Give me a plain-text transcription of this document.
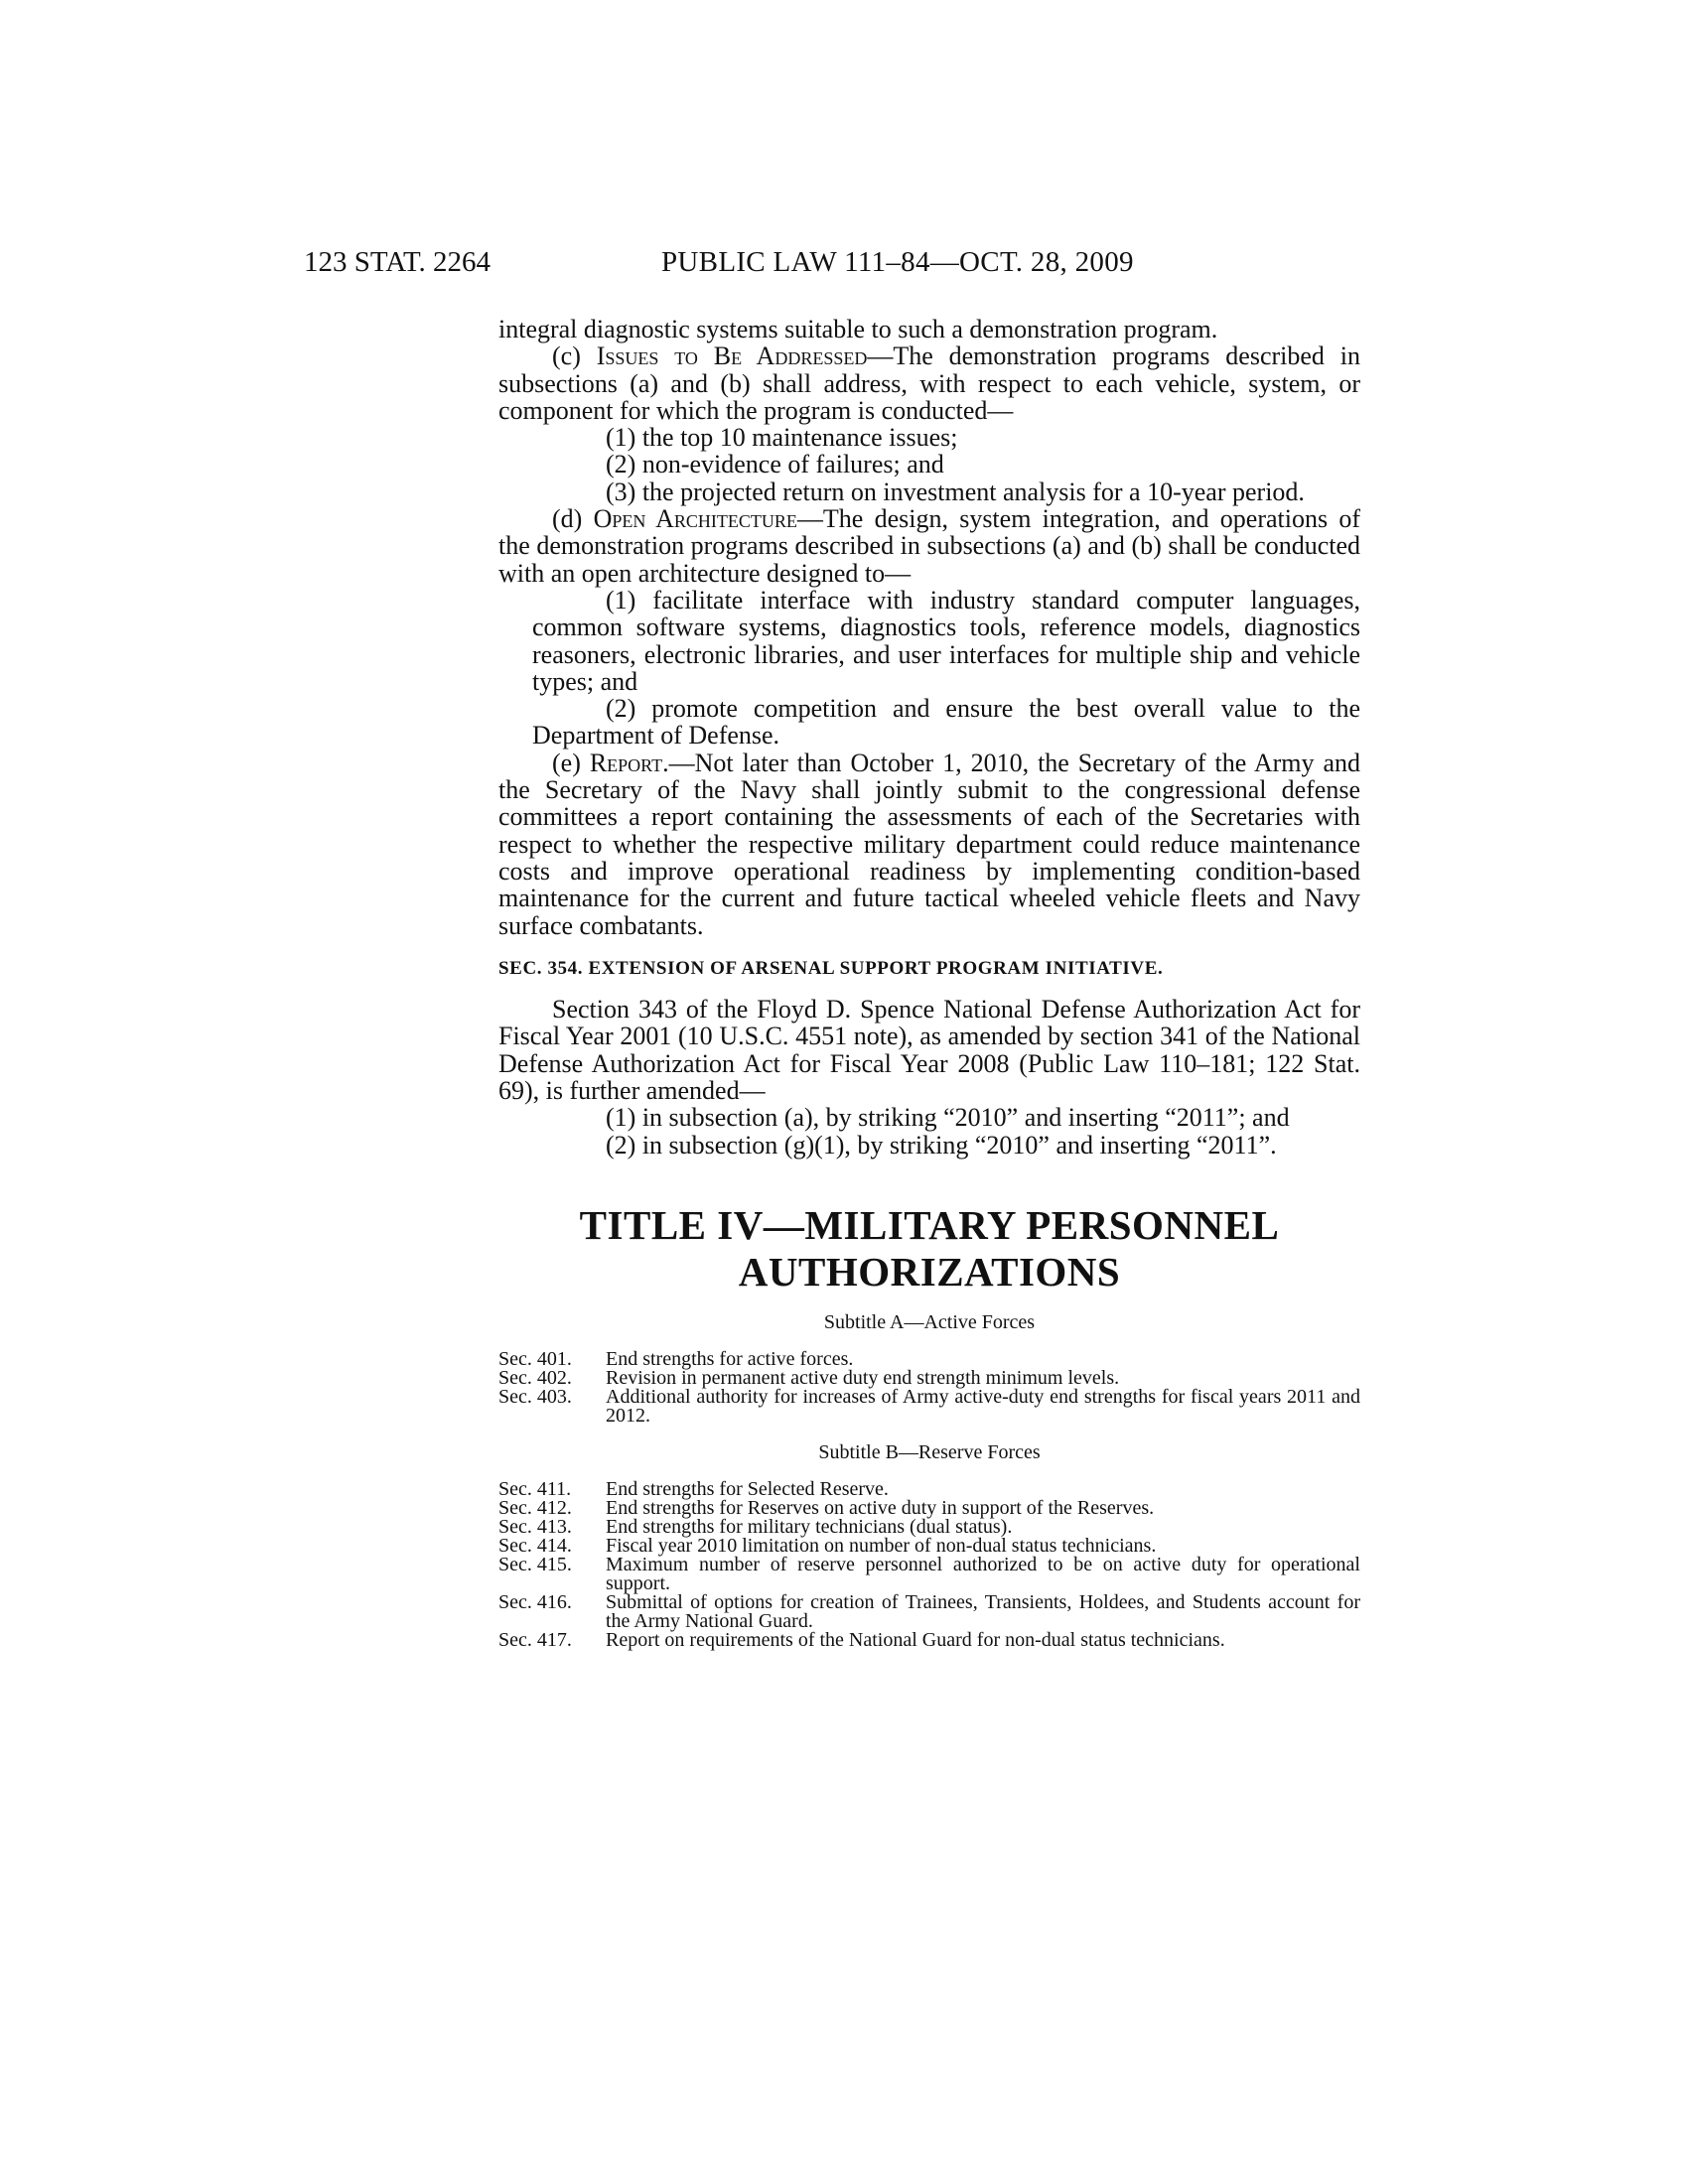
123 STAT. 2264	PUBLIC LAW 111–84—OCT. 28, 2009

integral diagnostic systems suitable to such a demonstration program.

(c) Issues to Be Addressed—The demonstration programs described in subsections (a) and (b) shall address, with respect to each vehicle, system, or component for which the program is conducted—

(1) the top 10 maintenance issues;

(2) non-evidence of failures; and

(3) the projected return on investment analysis for a 10-year period.

(d) Open Architecture—The design, system integration, and operations of the demonstration programs described in subsections (a) and (b) shall be conducted with an open architecture designed to—

(1) facilitate interface with industry standard computer languages, common software systems, diagnostics tools, reference models, diagnostics reasoners, electronic libraries, and user interfaces for multiple ship and vehicle types; and

(2) promote competition and ensure the best overall value to the Department of Defense.

(e) Report.—Not later than October 1, 2010, the Secretary of the Army and the Secretary of the Navy shall jointly submit to the congressional defense committees a report containing the assessments of each of the Secretaries with respect to whether the respective military department could reduce maintenance costs and improve operational readiness by implementing condition-based maintenance for the current and future tactical wheeled vehicle fleets and Navy surface combatants.

SEC. 354. EXTENSION OF ARSENAL SUPPORT PROGRAM INITIATIVE.

Section 343 of the Floyd D. Spence National Defense Authorization Act for Fiscal Year 2001 (10 U.S.C. 4551 note), as amended by section 341 of the National Defense Authorization Act for Fiscal Year 2008 (Public Law 110–181; 122 Stat. 69), is further amended—

(1) in subsection (a), by striking “2010” and inserting “2011”; and

(2) in subsection (g)(1), by striking “2010” and inserting “2011”.

TITLE IV—MILITARY PERSONNEL
AUTHORIZATIONS
Subtitle A—Active Forces
Sec. 401.	End strengths for active forces.
Sec. 402.	Revision in permanent active duty end strength minimum levels.
Sec. 403.	Additional authority for increases of Army active-duty end strengths for fiscal years 2011 and 2012.
Subtitle B—Reserve Forces
Sec. 411.	End strengths for Selected Reserve.
Sec. 412.	End strengths for Reserves on active duty in support of the Reserves.
Sec. 413.	End strengths for military technicians (dual status).
Sec. 414.	Fiscal year 2010 limitation on number of non-dual status technicians.
Sec. 415.	Maximum number of reserve personnel authorized to be on active duty for operational support.
Sec. 416.	Submittal of options for creation of Trainees, Transients, Holdees, and Students account for the Army National Guard.
Sec. 417.	Report on requirements of the National Guard for non-dual status technicians.
